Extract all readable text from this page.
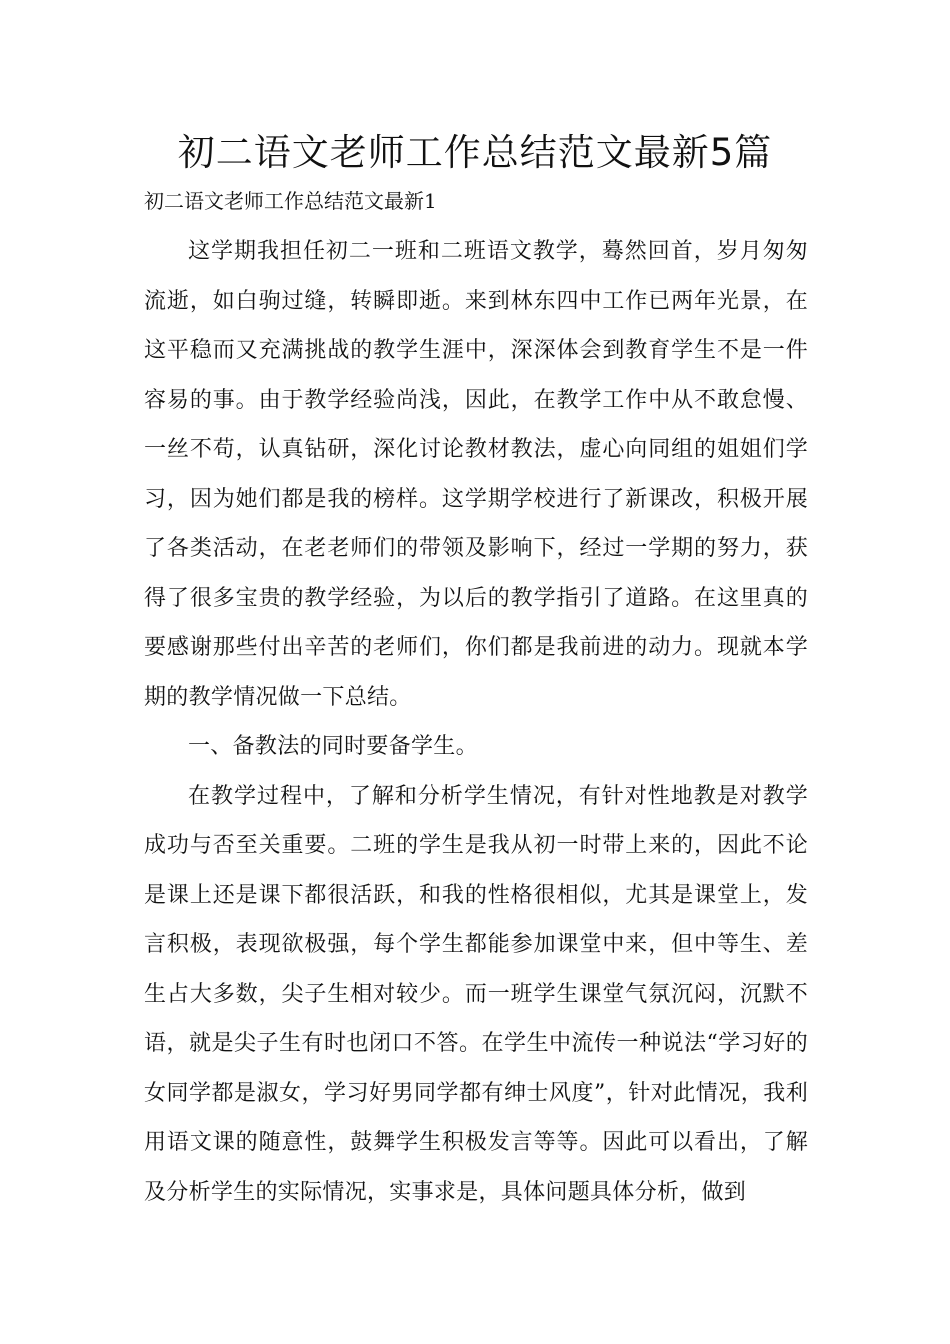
初二语文老师工作总结范文最新5篇
初二语文老师工作总结范文最新1

这学期我担任初二一班和二班语文教学，蓦然回首，岁月匆匆流逝，如白驹过缝，转瞬即逝。来到林东四中工作已两年光景，在这平稳而又充满挑战的教学生涯中，深深体会到教育学生不是一件容易的事。由于教学经验尚浅，因此，在教学工作中从不敢怠慢、一丝不苟，认真钻研，深化讨论教材教法，虚心向同组的姐姐们学习，因为她们都是我的榜样。这学期学校进行了新课改，积极开展了各类活动，在老老师们的带领及影响下，经过一学期的努力，获得了很多宝贵的教学经验，为以后的教学指引了道路。在这里真的要感谢那些付出辛苦的老师们，你们都是我前进的动力。现就本学期的教学情况做一下总结。

一、备教法的同时要备学生。

在教学过程中，了解和分析学生情况，有针对性地教是对教学成功与否至关重要。二班的学生是我从初一时带上来的，因此不论是课上还是课下都很活跃，和我的性格很相似，尤其是课堂上，发言积极，表现欲极强，每个学生都能参加课堂中来，但中等生、差生占大多数，尖子生相对较少。而一班学生课堂气氛沉闷，沉默不语，就是尖子生有时也闭口不答。在学生中流传一种说法“学习好的女同学都是淑女，学习好男同学都有绅士风度”，针对此情况，我利用语文课的随意性，鼓舞学生积极发言等等。因此可以看出，了解及分析学生的实际情况，实事求是，具体问题具体分析，做到
